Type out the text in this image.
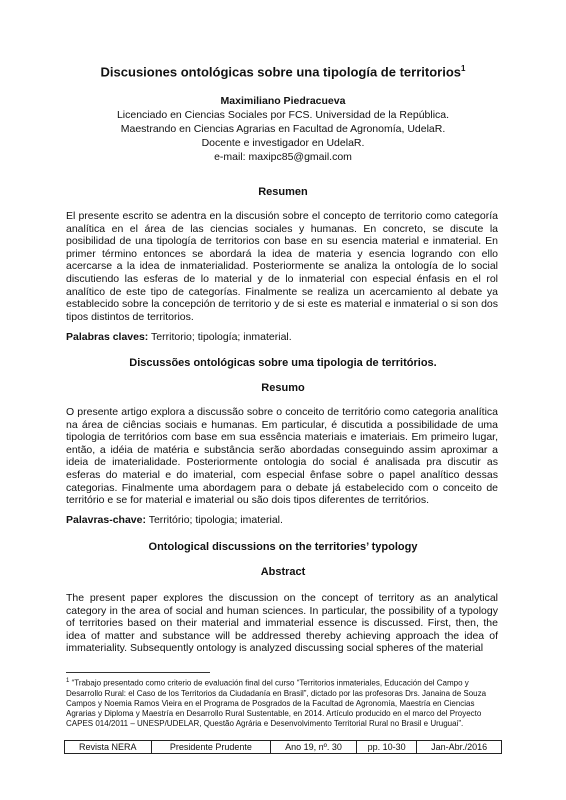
Discusiones ontológicas sobre una tipología de territorios$^1$
Maximiliano Piedracueva
Licenciado en Ciencias Sociales por FCS. Universidad de la República.
Maestrando en Ciencias Agrarias en Facultad de Agronomía, UdelaR.
Docente e investigador en UdelaR.
e-mail: maxipc85@gmail.com
Resumen

El presente escrito se adentra en la discusión sobre el concepto de territorio como categoría analítica en el área de las ciencias sociales y humanas. En concreto, se discute la posibilidad de una tipología de territorios con base en su esencia material e inmaterial. En primer término entonces se abordará la idea de materia y esencia logrando con ello acercarse a la idea de inmaterialidad. Posteriormente se analiza la ontología de lo social discutiendo las esferas de lo material y de lo inmaterial con especial énfasis en el rol analítico de este tipo de categorías. Finalmente se realiza un acercamiento al debate ya establecido sobre la concepción de territorio y de si este es material e inmaterial o si son dos tipos distintos de territorios.

Palabras claves: Territorio; tipología; inmaterial.
Discussões ontológicas sobre uma tipologia de territórios.
Resumo

O presente artigo explora a discussão sobre o conceito de território como categoria analítica na área de ciências sociais e humanas. Em particular, é discutida a possibilidade de uma tipologia de territórios com base em sua essência materiais e imateriais. Em primeiro lugar, então, a idéia de matéria e substância serão abordadas conseguindo assim aproximar a ideia de imaterialidade. Posteriormente ontologia do social é analisada pra discutir as esferas do material e do imaterial, com especial ênfase sobre o papel analítico dessas categorias. Finalmente uma abordagem para o debate já estabelecido com o conceito de território e se for material e imaterial ou são dois tipos diferentes de territórios.

Palavras-chave: Território; tipologia; imaterial.
Ontological discussions on the territories’ typology
Abstract

The present paper explores the discussion on the concept of territory as an analytical category in the area of social and human sciences. In particular, the possibility of a typology of territories based on their material and immaterial essence is discussed. First, then, the idea of matter and substance will be addressed thereby achieving approach the idea of immateriality. Subsequently ontology is analyzed discussing social spheres of the material

$^1$ “Trabajo presentado como criterio de evaluación final del curso “Territorios inmateriales, Educación del Campo y Desarrollo Rural: el Caso de los Territorios da Ciudadanía en Brasil”, dictado por las profesoras Drs. Janaina de Souza Campos y Noemia Ramos Vieira en el Programa de Posgrados de la Facultad de Agronomía, Maestría en Ciencias Agrarias y Diploma y Maestría en Desarrollo Rural Sustentable, en 2014. Artículo producido en el marco del Proyecto CAPES 014/2011 – UNESP/UDELAR, Questão Agrária e Desenvolvimento Territorial Rural no Brasil e Uruguai”.

Revista NERA	Presidente Prudente	Ano 19, nº. 30	pp. 10-30	Jan-Abr./2016
